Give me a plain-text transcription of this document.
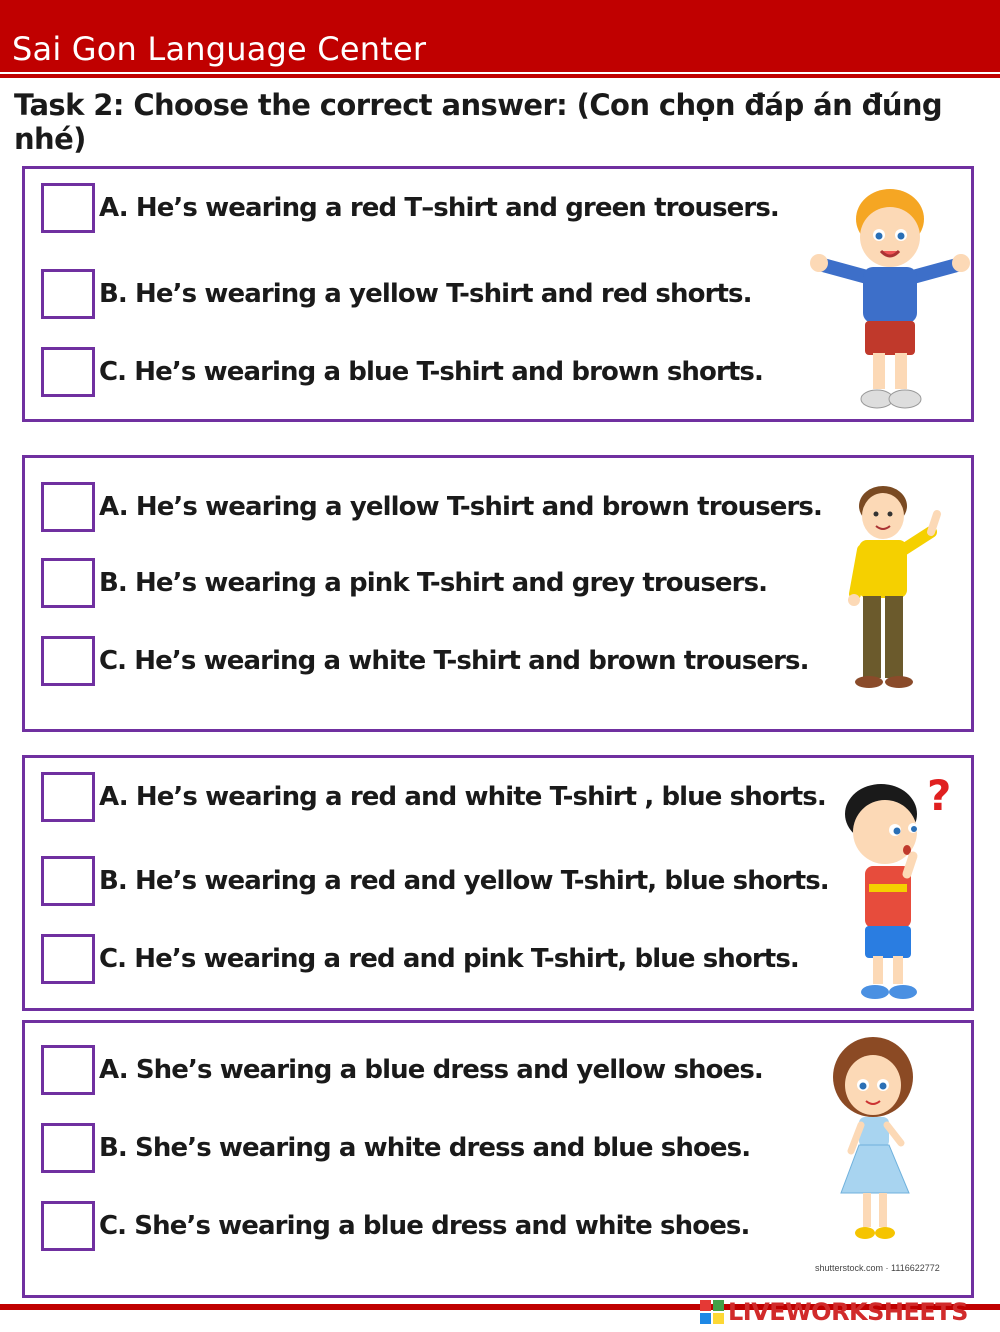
Sai Gon Language Center
Task 2: Choose the correct answer: (Con chọn đáp án đúng nhé)
A. He’s wearing a red T–shirt and green trousers.
B. He’s wearing a yellow T-shirt and red shorts.
C. He’s wearing a blue T-shirt and brown shorts.
A. He’s wearing a yellow T-shirt and brown trousers.
B. He’s wearing a pink T-shirt and grey trousers.
C. He’s wearing a white T-shirt and brown trousers.
A. He’s wearing a red and white T-shirt , blue shorts.
B. He’s wearing a red and yellow T-shirt, blue shorts.
C. He’s wearing a red and pink T-shirt, blue shorts.
?
A. She’s wearing a blue dress and yellow shoes.
B. She’s wearing a white dress and blue shoes.
C. She’s wearing a blue dress and white shoes.
shutterstock.com · 1116622772
LIVEWORKSHEETS
